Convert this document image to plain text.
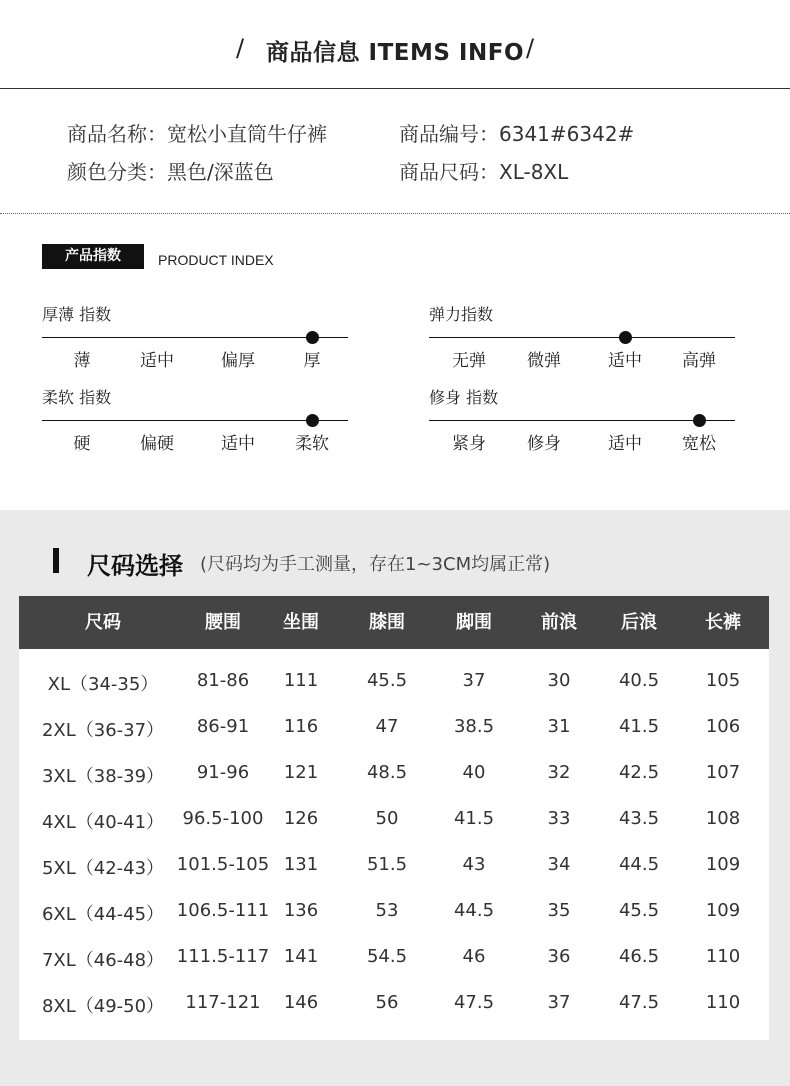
/ 商品信息 ITEMS INFO /
商品名称：宽松小直筒牛仔裤	商品编号：6341#6342#
颜色分类：黑色/深蓝色	商品尺码：XL-8XL
产品指数	PRODUCT INDEX
厚薄 指数
薄	适中	偏厚	厚
弹力指数
无弹	微弹	适中	高弹
柔软 指数
硬	偏硬	适中	柔软
修身 指数
紧身	修身	适中	宽松
尺码选择 (尺码均为手工测量，存在1~3CM均属正常)
尺码	腰围	坐围	膝围	脚围	前浪	后浪	长裤
XL（34-35）	81-86	111	45.5	37	30	40.5	105
2XL（36-37）	86-91	116	47	38.5	31	41.5	106
3XL（38-39）	91-96	121	48.5	40	32	42.5	107
4XL（40-41）	96.5-100	126	50	41.5	33	43.5	108
5XL（42-43） 101.5-105 131	51.5	43	34	44.5	109
6XL（44-45） 106.5-111 136	53	44.5	35	45.5	109
7XL（46-48） 111.5-117 141	54.5	46	36	46.5	110
8XL（49-50）	117-121	146	56	47.5	37	47.5	110
